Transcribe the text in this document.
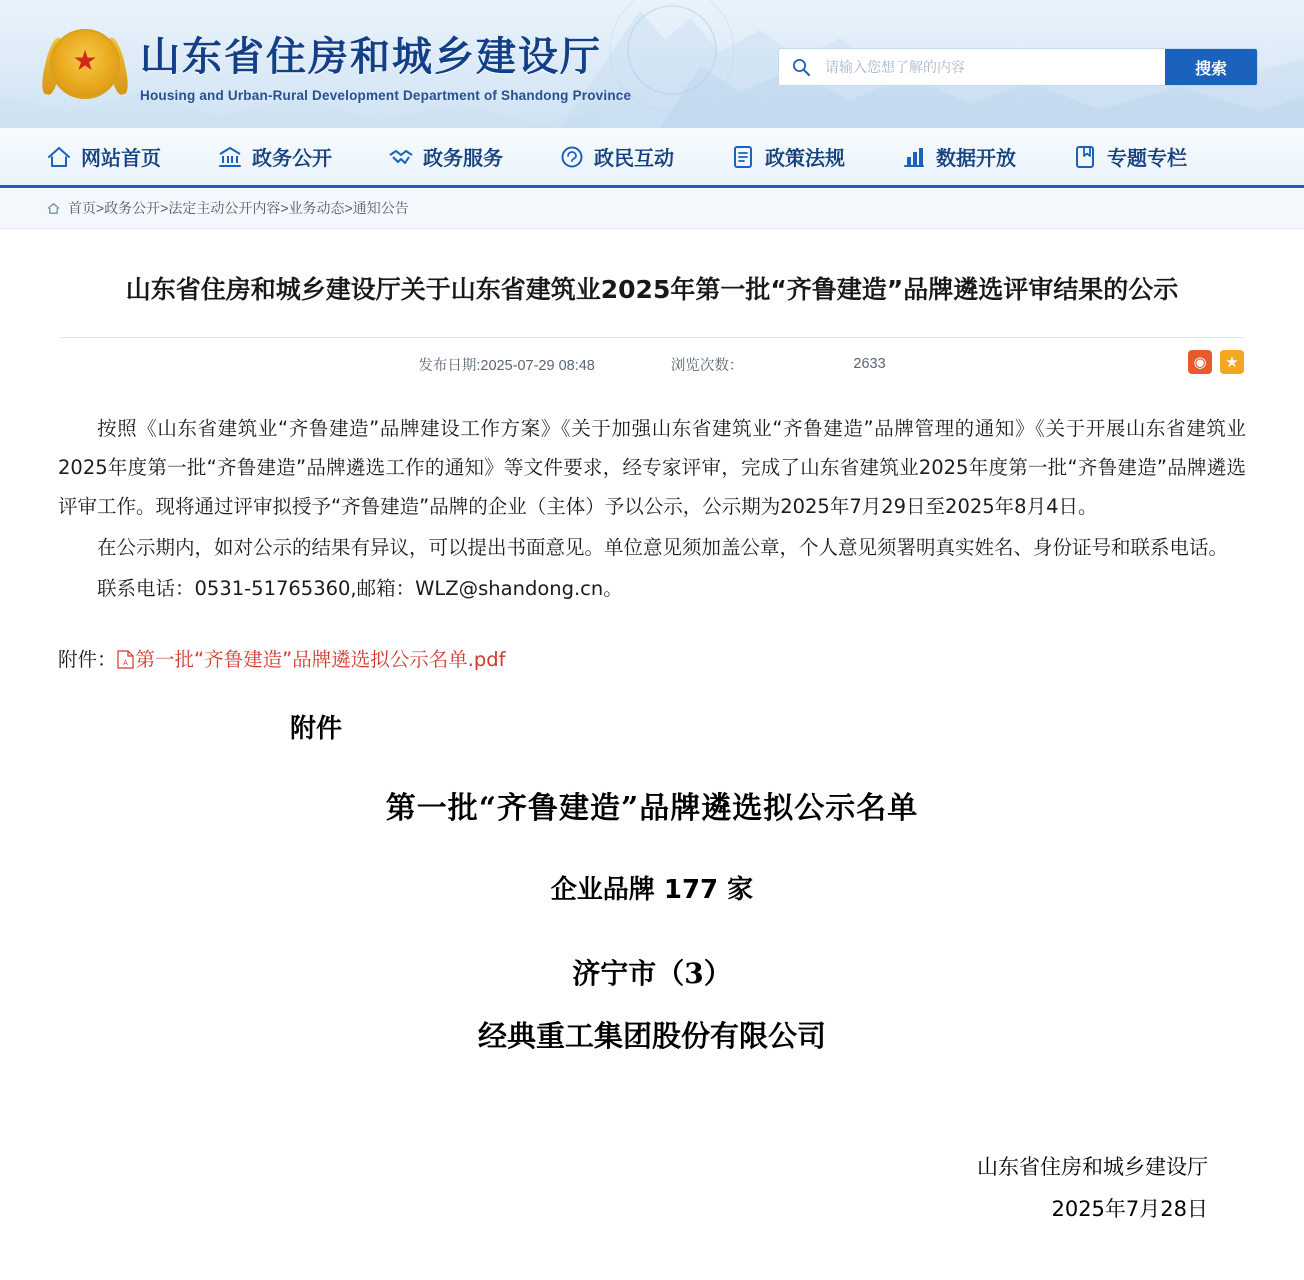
★ 山东省住房和城乡建设厅
Housing and Urban-Rural Development Department of Shandong Province
请输入您想了解的内容
搜索
网站首页	政务公开	政务服务	政民互动	政策法规	数据开放	专题专栏
首页>政务公开>法定主动公开内容>业务动态>通知公告
山东省住房和城乡建设厅关于山东省建筑业2025年第一批“齐鲁建造”品牌遴选评审结果的公示
发布日期:2025-07-29 08:48	浏览次数：	2633	◉	★

按照《山东省建筑业“齐鲁建造”品牌建设工作方案》《关于加强山东省建筑业“齐鲁建造”品牌管理的通知》《关于开展山东省建筑业2025年度第一批“齐鲁建造”品牌遴选工作的通知》等文件要求，经专家评审，完成了山东省建筑业2025年度第一批“齐鲁建造”品牌遴选评审工作。现将通过评审拟授予“齐鲁建造”品牌的企业（主体）予以公示，公示期为2025年7月29日至2025年8月4日。

在公示期内，如对公示的结果有异议，可以提出书面意见。单位意见须加盖公章，个人意见须署明真实姓名、身份证号和联系电话。

联系电话：0531-51765360,邮箱：WLZ@shandong.cn。

附件： A 第一批“齐鲁建造”品牌遴选拟公示名单.pdf
附件
第一批“齐鲁建造”品牌遴选拟公示名单
企业品牌 177 家
济宁市（3）
经典重工集团股份有限公司
山东省住房和城乡建设厅
2025年7月28日
